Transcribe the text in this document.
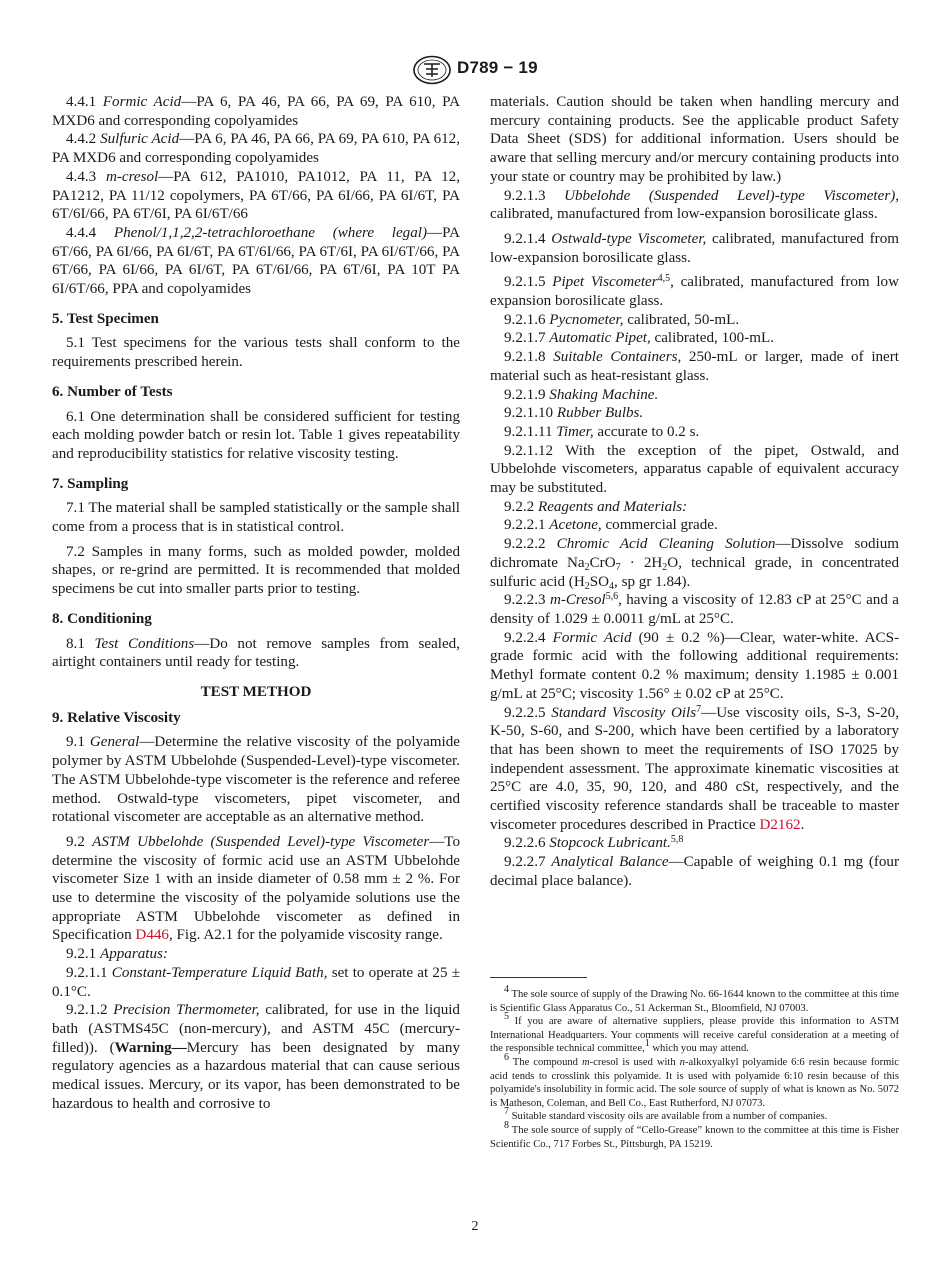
D789 − 19

4.4.1 Formic Acid—PA 6, PA 46, PA 66, PA 69, PA 610, PA MXD6 and corresponding copolyamides

4.4.2 Sulfuric Acid—PA 6, PA 46, PA 66, PA 69, PA 610, PA 612, PA MXD6 and corresponding copolyamides

4.4.3 m-cresol—PA 612, PA1010, PA1012, PA 11, PA 12, PA1212, PA 11/12 copolymers, PA 6T/66, PA 6I/66, PA 6I/6T, PA 6T/6I/66, PA 6T/6I, PA 6I/6T/66

4.4.4 Phenol/1,1,2,2-tetrachloroethane (where legal)—PA 6T/66, PA 6I/66, PA 6I/6T, PA 6T/6I/66, PA 6T/6I, PA 6I/6T/66, PA 6T/66, PA 6I/66, PA 6I/6T, PA 6T/6I/66, PA 6T/6I, PA 10T PA 6I/6T/66, PPA and copolyamides

5. Test Specimen

5.1 Test specimens for the various tests shall conform to the requirements prescribed herein.

6. Number of Tests

6.1 One determination shall be considered sufficient for testing each molding powder batch or resin lot. Table 1 gives repeatability and reproducibility statistics for relative viscosity testing.

7. Sampling

7.1 The material shall be sampled statistically or the sample shall come from a process that is in statistical control.

7.2 Samples in many forms, such as molded powder, molded shapes, or re-grind are permitted. It is recommended that molded specimens be cut into smaller parts prior to testing.

8. Conditioning

8.1 Test Conditions—Do not remove samples from sealed, airtight containers until ready for testing.

TEST METHOD
9. Relative Viscosity

9.1 General—Determine the relative viscosity of the polyamide polymer by ASTM Ubbelohde (Suspended-Level)-type viscometer. The ASTM Ubbelohde-type viscometer is the reference and referee method. Ostwald-type viscometers, pipet viscometer, and rotational viscometer are acceptable as an alternative method.

9.2 ASTM Ubbelohde (Suspended Level)-type Viscometer—To determine the viscosity of formic acid use an ASTM Ubbelohde viscometer Size 1 with an inside diameter of 0.58 mm ± 2 %. For use to determine the viscosity of the polyamide solutions use the appropriate ASTM Ubbelohde viscometer as defined in Specification D446, Fig. A2.1 for the polyamide viscosity range.

9.2.1 Apparatus:

9.2.1.1 Constant-Temperature Liquid Bath, set to operate at 25 ± 0.1°C.

9.2.1.2 Precision Thermometer, calibrated, for use in the liquid bath (ASTMS45C (non-mercury), and ASTM 45C (mercury-filled)). (Warning—Mercury has been designated by many regulatory agencies as a hazardous material that can cause serious medical issues. Mercury, or its vapor, has been demonstrated to be hazardous to health and corrosive to

materials. Caution should be taken when handling mercury and mercury containing products. See the applicable product Safety Data Sheet (SDS) for additional information. Users should be aware that selling mercury and/or mercury containing products into your state or country may be prohibited by law.)

9.2.1.3 Ubbelohde (Suspended Level)-type Viscometer), calibrated, manufactured from low-expansion borosilicate glass.

9.2.1.4 Ostwald-type Viscometer, calibrated, manufactured from low-expansion borosilicate glass.

9.2.1.5 Pipet Viscometer$^{4,5}$, calibrated, manufactured from low expansion borosilicate glass.

9.2.1.6 Pycnometer, calibrated, 50-mL.

9.2.1.7 Automatic Pipet, calibrated, 100-mL.

9.2.1.8 Suitable Containers, 250-mL or larger, made of inert material such as heat-resistant glass.

9.2.1.9 Shaking Machine.

9.2.1.10 Rubber Bulbs.

9.2.1.11 Timer, accurate to 0.2 s.

9.2.1.12 With the exception of the pipet, Ostwald, and Ubbelohde viscometers, apparatus capable of equivalent accuracy may be substituted.

9.2.2 Reagents and Materials:

9.2.2.1 Acetone, commercial grade.

9.2.2.2 Chromic Acid Cleaning Solution—Dissolve sodium dichromate $Na_2CrO_7 \cdot 2H_2O$, technical grade, in concentrated sulfuric acid ($H_2SO_4$, sp gr 1.84).

9.2.2.3 m-Cresol$^{5,6}$, having a viscosity of 12.83 cP at 25°C and a density of 1.029 ± 0.0011 g/mL at 25°C.

9.2.2.4 Formic Acid (90 ± 0.2 %)—Clear, water-white. ACS-grade formic acid with the following additional requirements: Methyl formate content 0.2 % maximum; density 1.1985 ± 0.001 g/mL at 25°C; viscosity 1.56° ± 0.02 cP at 25°C.

9.2.2.5 Standard Viscosity Oils$^7$—Use viscosity oils, S-3, S-20, K-50, S-60, and S-200, which have been certified by a laboratory that has been shown to meet the requirements of ISO 17025 by independent assessment. The approximate kinematic viscosities at 25°C are 4.0, 35, 90, 120, and 480 cSt, respectively, and the certified viscosity reference standards shall be traceable to master viscometer procedures described in Practice D2162.

9.2.2.6 Stopcock Lubricant.$^{5,8}$

9.2.2.7 Analytical Balance—Capable of weighing 0.1 mg (four decimal place balance).

$^4$ The sole source of supply of the Drawing No. 66-1644 known to the committee at this time is Scientific Glass Apparatus Co., 51 Ackerman St., Bloomfield, NJ 07003.

$^5$ If you are aware of alternative suppliers, please provide this information to ASTM International Headquarters. Your comments will receive careful consideration at a meeting of the responsible technical committee,$^1$ which you may attend.

$^6$ The compound m-cresol is used with n-alkoxyalkyl polyamide 6:6 resin because formic acid tends to crosslink this polyamide. It is used with polyamide 6:10 resin because of this polyamide's insolubility in formic acid. The sole source of supply of what is known as No. 5072 is Matheson, Coleman, and Bell Co., East Rutherford, NJ 07073.

$^7$ Suitable standard viscosity oils are available from a number of companies.

$^8$ The sole source of supply of “Cello-Grease” known to the committee at this time is Fisher Scientific Co., 717 Forbes St., Pittsburgh, PA 15219.

2
